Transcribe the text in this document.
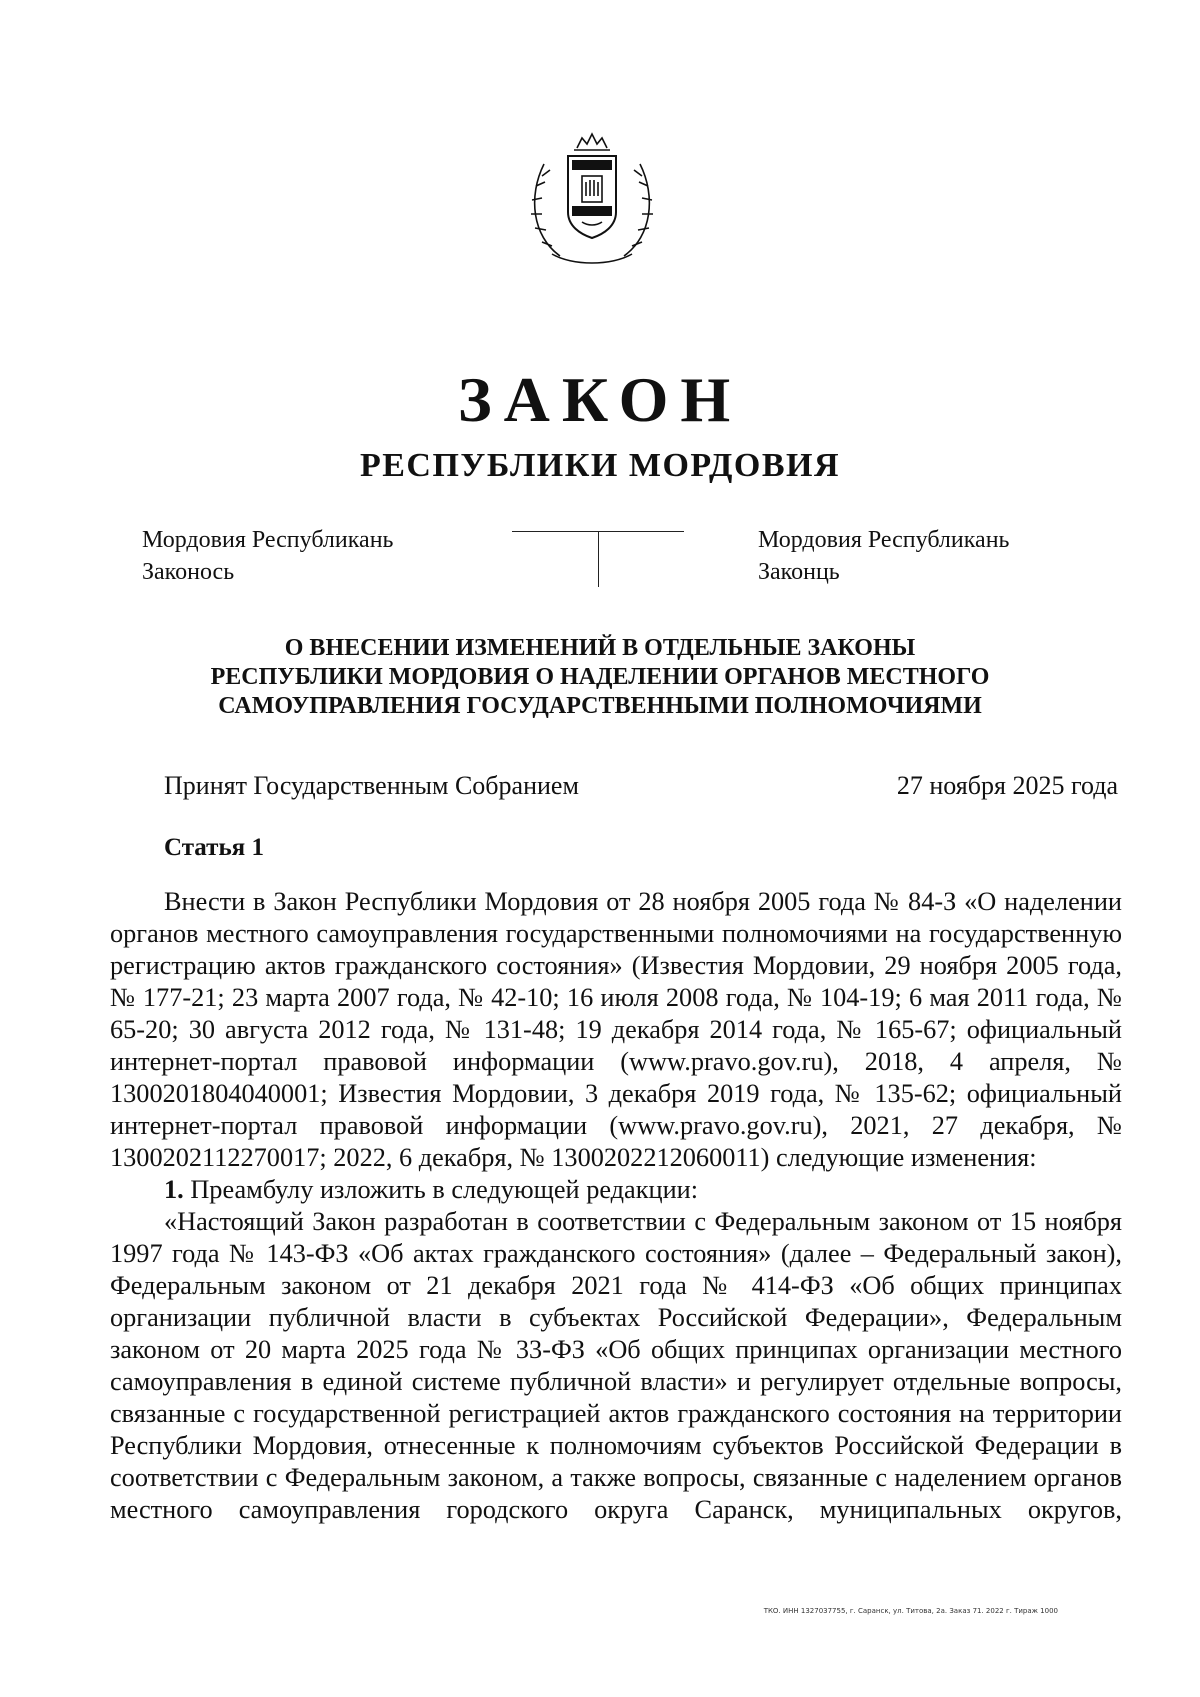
ЗАКОН
РЕСПУБЛИКИ МОРДОВИЯ
Мордовия Республикань
Законось
Мордовия Республикань
Законць
О ВНЕСЕНИИ ИЗМЕНЕНИЙ В ОТДЕЛЬНЫЕ ЗАКОНЫ
РЕСПУБЛИКИ МОРДОВИЯ О НАДЕЛЕНИИ ОРГАНОВ МЕСТНОГО
САМОУПРАВЛЕНИЯ ГОСУДАРСТВЕННЫМИ ПОЛНОМОЧИЯМИ
Принят Государственным Собранием	27 ноября 2025 года
Статья 1

Внести в Закон Республики Мордовия от 28 ноября 2005 года № 84-З «О наделении органов местного самоуправления государственными полномочиями на государственную регистрацию актов гражданского состояния» (Известия Мордовии, 29 ноября 2005 года, № 177-21; 23 марта 2007 года, № 42-10; 16 июля 2008 года, № 104-19; 6 мая 2011 года, № 65-20; 30 августа 2012 года, № 131-48; 19 декабря 2014 года, № 165-67; официальный интернет-портал правовой информации (www.pravo.gov.ru), 2018, 4 апреля, № 1300201804040001; Известия Мордовии, 3 декабря 2019 года, № 135-62; официальный интернет-портал правовой информации (www.pravo.gov.ru), 2021, 27 декабря, № 1300202112270017; 2022, 6 декабря, № 1300202212060011) следующие изменения:

1. Преамбулу изложить в следующей редакции:

«Настоящий Закон разработан в соответствии с Федеральным законом от 15 ноября 1997 года № 143-ФЗ «Об актах гражданского состояния» (далее – Федеральный закон), Федеральным законом от 21 декабря 2021 года № 414-ФЗ «Об общих принципах организации публичной власти в субъектах Российской Федерации», Федеральным законом от 20 марта 2025 года № 33-ФЗ «Об общих принципах организации местного самоуправления в единой системе публичной власти» и регулирует отдельные вопросы, связанные с государственной регистрацией актов гражданского состояния на территории Республики Мордовия, отнесенные к полномочиям субъектов Российской Федерации в соответствии с Федеральным законом, а также вопросы, связанные с наделением органов местного самоуправления городского округа Саранск, муниципальных округов,

ТКО. ИНН 1327037755, г. Саранск, ул. Титова, 2а. Заказ 71. 2022 г. Тираж 1000
